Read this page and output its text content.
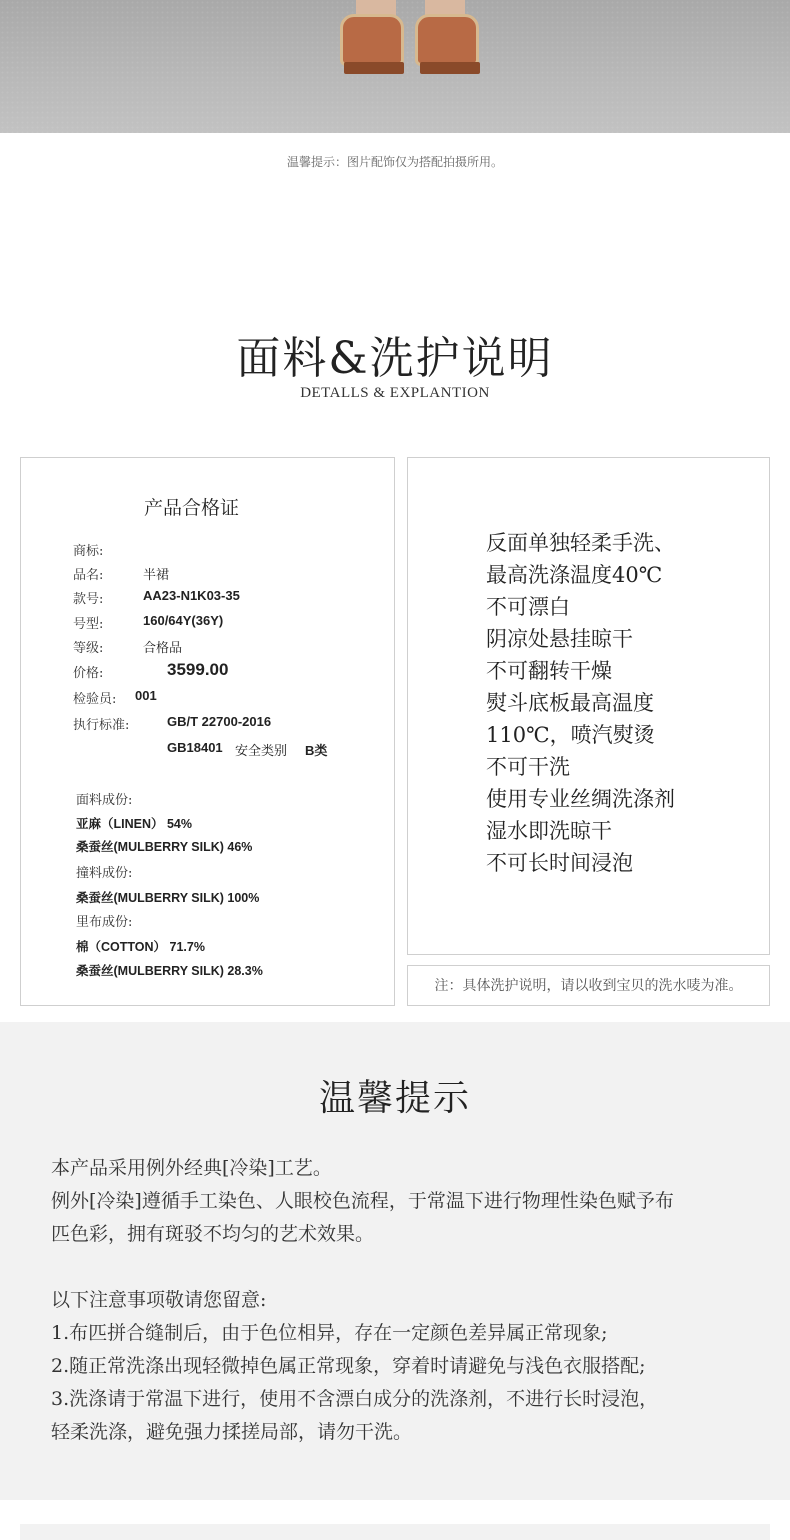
温馨提示：图片配饰仅为搭配拍摄所用。
面料&洗护说明
DETALLS & EXPLANTION
产品合格证
商标:
品名:	半裙
款号:	AA23-N1K03-35
号型:	160/64Y(36Y)
等级:	合格品
价格:	3599.00
检验员: 001
执行标准:	GB/T 22700-2016
GB18401 安全类别 B类
面料成份:
亚麻（LINEN） 54%
桑蚕丝(MULBERRY SILK) 46%
撞料成份:
桑蚕丝(MULBERRY SILK) 100%
里布成份:
棉（COTTON） 71.7%
桑蚕丝(MULBERRY SILK) 28.3%
反面单独轻柔手洗、
最高洗涤温度40℃
不可漂白
阴凉处悬挂晾干
不可翻转干燥
熨斗底板最高温度
110℃，喷汽熨烫
不可干洗
使用专业丝绸洗涤剂
湿水即洗晾干
不可长时间浸泡
注：具体洗护说明，请以收到宝贝的洗水唛为准。
温馨提示
本产品采用例外经典[冷染]工艺。
例外[冷染]遵循手工染色、人眼校色流程，于常温下进行物理性染色赋予布
匹色彩，拥有斑驳不均匀的艺术效果。
以下注意事项敬请您留意:
1.布匹拼合缝制后，由于色位相异，存在一定颜色差异属正常现象;
2.随正常洗涤出现轻微掉色属正常现象，穿着时请避免与浅色衣服搭配;
3.洗涤请于常温下进行，使用不含漂白成分的洗涤剂，不进行长时浸泡，
轻柔洗涤，避免强力揉搓局部，请勿干洗。
